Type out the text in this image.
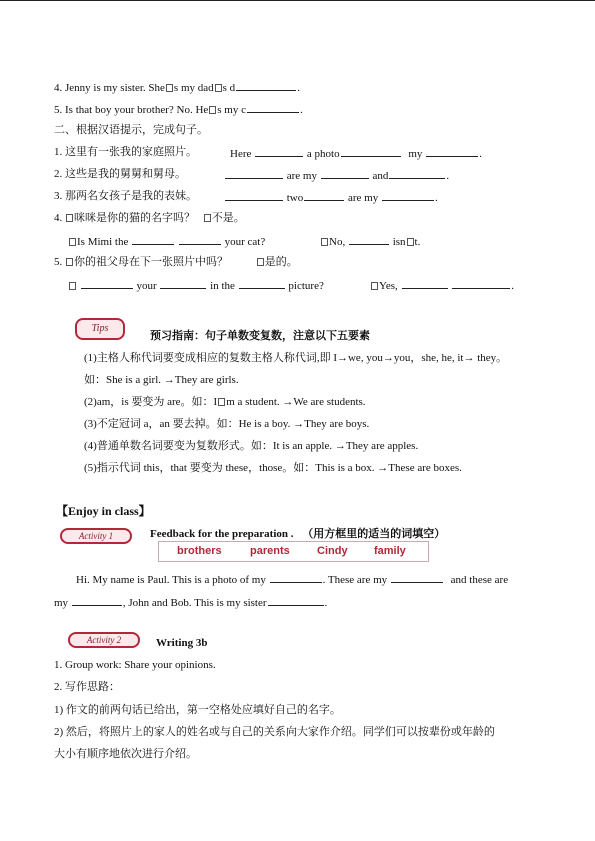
4. Jenny is my sister. She s my dad s d	.
5. Is that boy your brother? No. He s my c	.
二、根据汉语提示，完成句子。
1. 这里有一张我的家庭照片。	Here	a photo	my	.
2. 这些是我的舅舅和舅母。	are my	and	.
3. 那两名女孩子是我的表妹。	two	are my	.
4. 咪咪是你的猫的名字吗？ 不是。
Is Mimi the	your cat?	No,	isn t.
5. 你的祖父母在下一张照片中吗？	是的。
your	in the	picture?	Yes,	.
Tips
预习指南：句子单数变复数，注意以下五要素
(1)主格人称代词要变成相应的复数主格人称代词,即 I→we, you→you，she, he, it→ they。
如：She is a girl. →They are girls.
(2)am，is 要变为 are。如：I m a student. →We are students.
(3)不定冠词 a，an 要去掉。如：He is a boy. →They are boys.
(4)普通单数名词要变为复数形式。如：It is an apple. →They are apples.
(5)指示代词 this，that 要变为 these，those。如：This is a box. →These are boxes.
【Enjoy in class】
Activity 1	Feedback for the preparation . （用方框里的适当的词填空）
brothers	parents Cindy family
Hi. My name is Paul. This is a photo of my	. These are my	and these are
my	, John and Bob. This is my sister	.
Activity 2	Writing 3b
1. Group work: Share your opinions.
2. 写作思路：
1) 作文的前两句话已给出，第一空格处应填好自己的名字。
2) 然后，将照片上的家人的姓名或与自己的关系向大家作介绍。同学们可以按辈份或年龄的
大小有顺序地依次进行介绍。
